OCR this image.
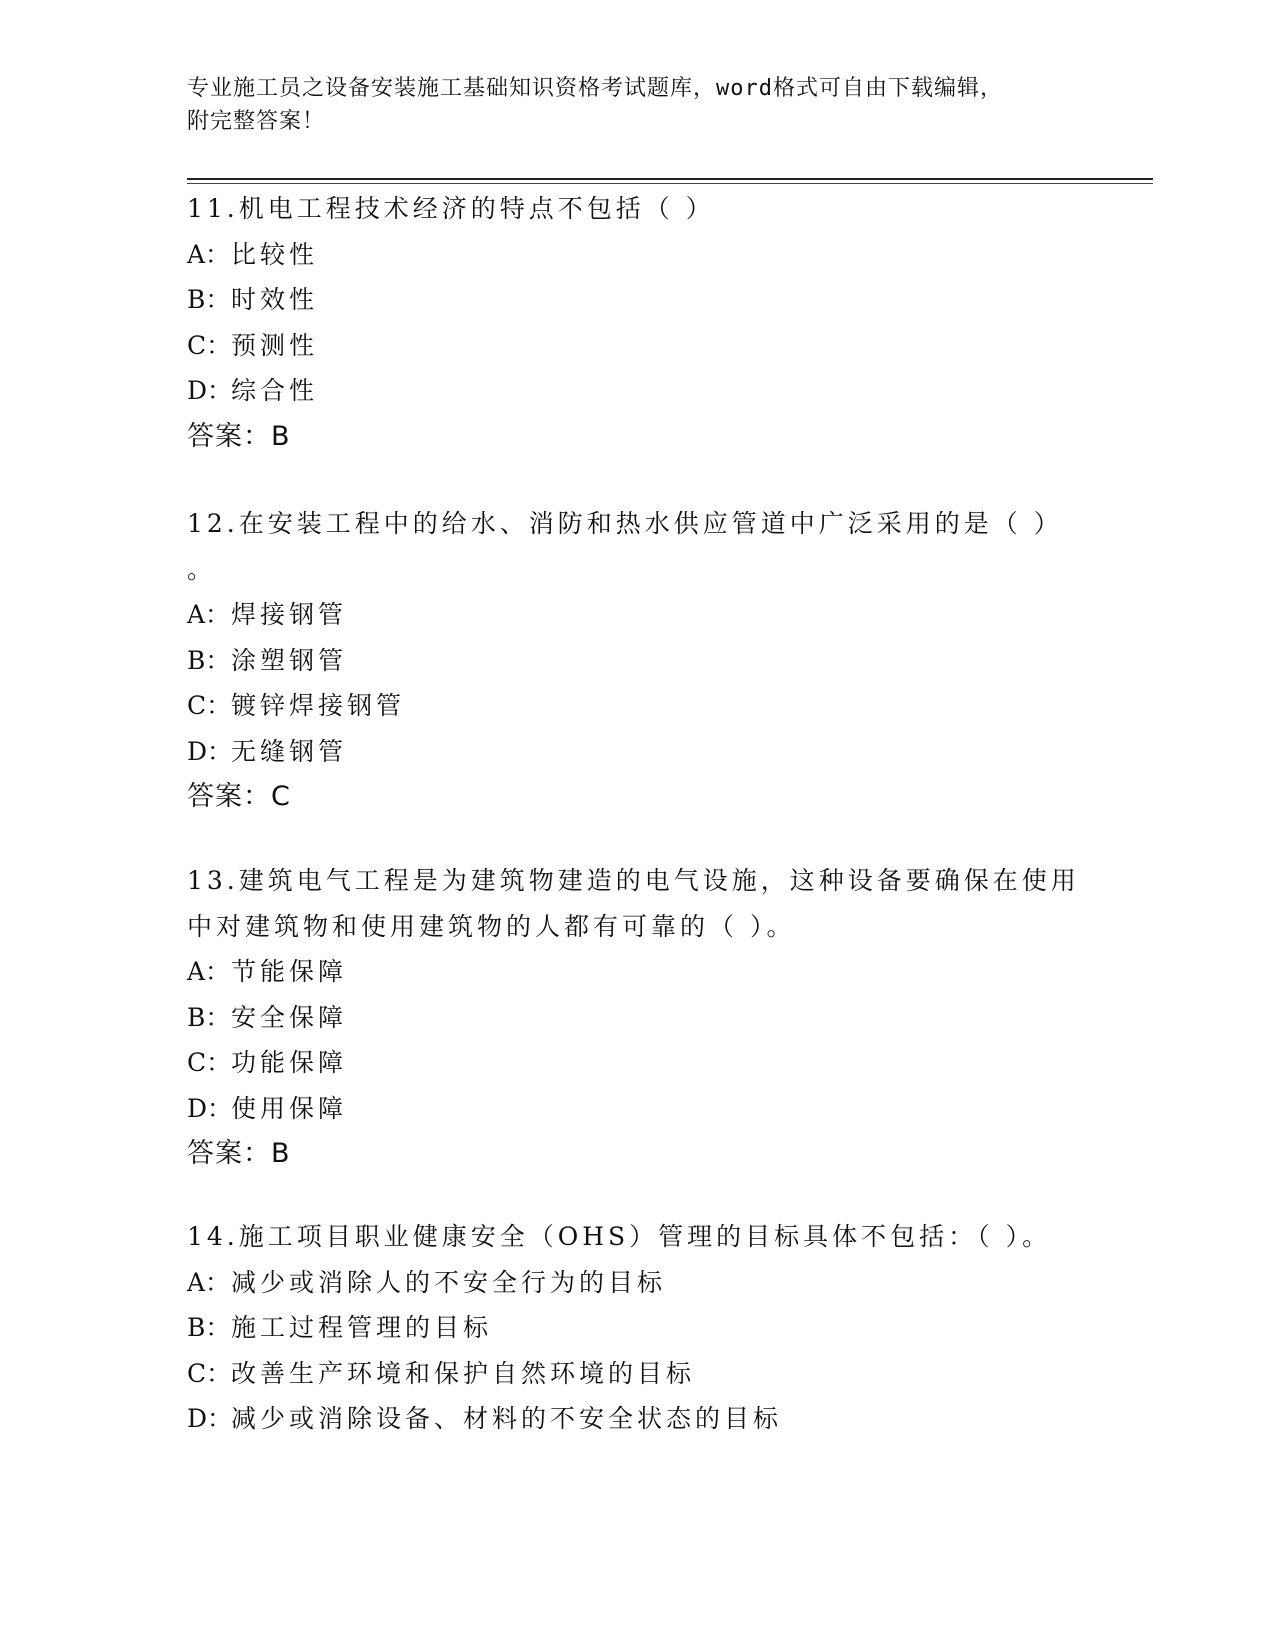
专业施工员之设备安装施工基础知识资格考试题库，word格式可自由下载编辑，
附完整答案！
11.机电工程技术经济的特点不包括（ ）
A：比较性
B：时效性
C：预测性
D：综合性
答案：B
12.在安装工程中的给水、消防和热水供应管道中广泛采用的是（ ）
。
A：焊接钢管
B：涂塑钢管
C：镀锌焊接钢管
D：无缝钢管
答案：C
13.建筑电气工程是为建筑物建造的电气设施，这种设备要确保在使用
中对建筑物和使用建筑物的人都有可靠的（ ）。
A：节能保障
B：安全保障
C：功能保障
D：使用保障
答案：B
14.施工项目职业健康安全（OHS）管理的目标具体不包括：（ ）。
A：减少或消除人的不安全行为的目标
B：施工过程管理的目标
C：改善生产环境和保护自然环境的目标
D：减少或消除设备、材料的不安全状态的目标
